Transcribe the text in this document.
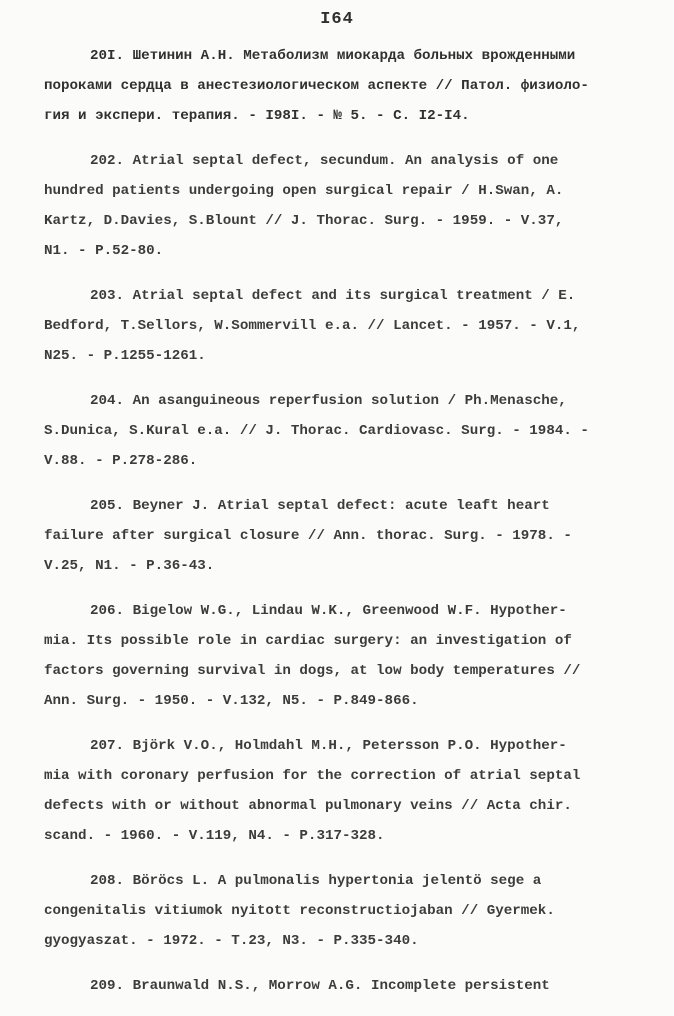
I64
20I. Шетинин А.Н. Метаболизм миокарда больных врожденными
пороками сердца в анестезиологическом аспекте // Патол. физиоло-
гия и экспери. терапия. - I98I. - № 5. - С. I2-I4.
202. Atrial septal defect, secundum. An analysis of one
hundred patients undergoing open surgical repair / H.Swan, A.
Kartz, D.Davies, S.Blount // J. Thorac. Surg. - 1959. - V.37,
N1. - P.52-80.
203. Atrial septal defect and its surgical treatment / E.
Bedford, T.Sellors, W.Sommervill e.a. // Lancet. - 1957. - V.1,
N25. - P.1255-1261.
204. An asanguineous reperfusion solution / Ph.Menasche,
S.Dunica, S.Kural e.a. // J. Thorac. Cardiovasc. Surg. - 1984. -
V.88. - P.278-286.
205. Beyner J. Atrial septal defect: acute leaft heart
failure after surgical closure // Ann. thorac. Surg. - 1978. -
V.25, N1. - P.36-43.
206. Bigelow W.G., Lindau W.K., Greenwood W.F. Hypother-
mia. Its possible role in cardiac surgery: an investigation of
factors governing survival in dogs, at low body temperatures //
Ann. Surg. - 1950. - V.132, N5. - P.849-866.
207. Björk V.O., Holmdahl M.H., Petersson P.O. Hypother-
mia with coronary perfusion for the correction of atrial septal
defects with or without abnormal pulmonary veins // Acta chir.
scand. - 1960. - V.119, N4. - P.317-328.
208. Böröcs L. A pulmonalis hypertonia jelentö sege a
congenitalis vitiumok nyitott reconstructiojaban // Gyermek.
gyogyaszat. - 1972. - T.23, N3. - P.335-340.
209. Braunwald N.S., Morrow A.G. Incomplete persistent
